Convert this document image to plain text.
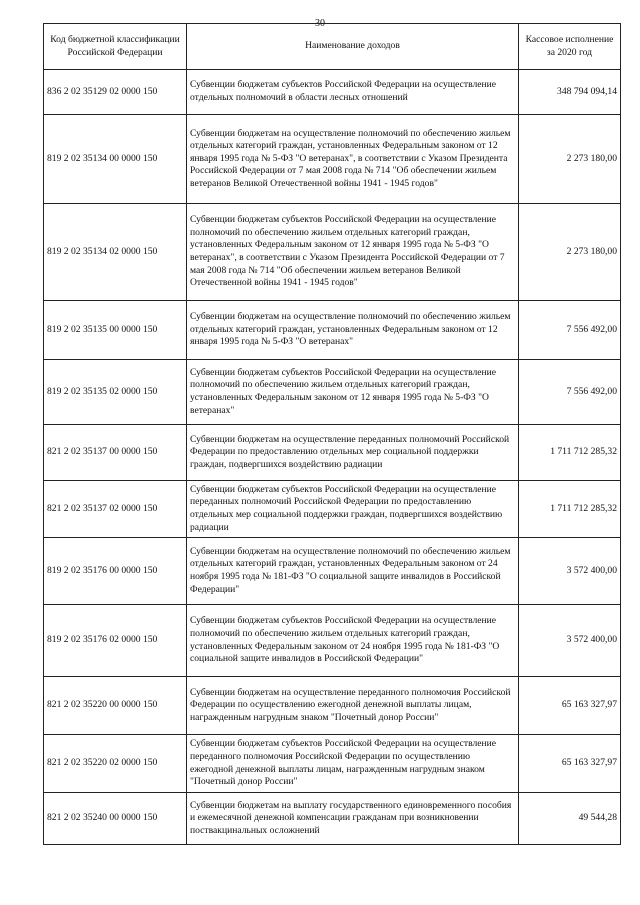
30
Код бюджетной классификации Российской Федерации	Наименование доходов	Кассовое исполнение за 2020 год
836 2 02 35129 02 0000 150	Субвенции бюджетам субъектов Российской Федерации на осуществление отдельных полномочий в области лесных отношений	348 794 094,14
819 2 02 35134 00 0000 150	Субвенции бюджетам на осуществление полномочий по обеспечению жильем отдельных категорий граждан, установленных Федеральным законом от 12 января 1995 года № 5-ФЗ "О ветеранах", в соответствии с Указом Президента Российской Федерации от 7 мая 2008 года № 714 "Об обеспечении жильем ветеранов Великой Отечественной войны 1941 - 1945 годов"	2 273 180,00
819 2 02 35134 02 0000 150	Субвенции бюджетам субъектов Российской Федерации на осуществление полномочий по обеспечению жильем отдельных категорий граждан, установленных Федеральным законом от 12 января 1995 года № 5-ФЗ "О ветеранах", в соответствии с Указом Президента Российской Федерации от 7 мая 2008 года № 714 "Об обеспечении жильем ветеранов Великой Отечественной войны 1941 - 1945 годов"	2 273 180,00
819 2 02 35135 00 0000 150	Субвенции бюджетам на осуществление полномочий по обеспечению жильем отдельных категорий граждан, установленных Федеральным законом от 12 января 1995 года № 5-ФЗ "О ветеранах"	7 556 492,00
819 2 02 35135 02 0000 150	Субвенции бюджетам субъектов Российской Федерации на осуществление полномочий по обеспечению жильем отдельных категорий граждан, установленных Федеральным законом от 12 января 1995 года № 5-ФЗ "О ветеранах"	7 556 492,00
821 2 02 35137 00 0000 150	Субвенции бюджетам на осуществление переданных полномочий Российской Федерации по предоставлению отдельных мер социальной поддержки граждан, подвергшихся воздействию радиации	1 711 712 285,32
821 2 02 35137 02 0000 150	Субвенции бюджетам субъектов Российской Федерации на осуществление переданных полномочий Российской Федерации по предоставлению отдельных мер социальной поддержки граждан, подвергшихся воздействию радиации	1 711 712 285,32
819 2 02 35176 00 0000 150	Субвенции бюджетам на осуществление полномочий по обеспечению жильем отдельных категорий граждан, установленных Федеральным законом от 24 ноября 1995 года № 181-ФЗ "О социальной защите инвалидов в Российской Федерации"	3 572 400,00
819 2 02 35176 02 0000 150	Субвенции бюджетам субъектов Российской Федерации на осуществление полномочий по обеспечению жильем отдельных категорий граждан, установленных Федеральным законом от 24 ноября 1995 года № 181-ФЗ "О социальной защите инвалидов в Российской Федерации"	3 572 400,00
821 2 02 35220 00 0000 150	Субвенции бюджетам на осуществление переданного полномочия Российской Федерации по осуществлению ежегодной денежной выплаты лицам, награжденным нагрудным знаком "Почетный донор России"	65 163 327,97
821 2 02 35220 02 0000 150	Субвенции бюджетам субъектов Российской Федерации на осуществление переданного полномочия Российской Федерации по осуществлению ежегодной денежной выплаты лицам, награжденным нагрудным знаком "Почетный донор России"	65 163 327,97
821 2 02 35240 00 0000 150	Субвенции бюджетам на выплату государственного единовременного пособия и ежемесячной денежной компенсации гражданам при возникновении поствакцинальных осложнений	49 544,28
